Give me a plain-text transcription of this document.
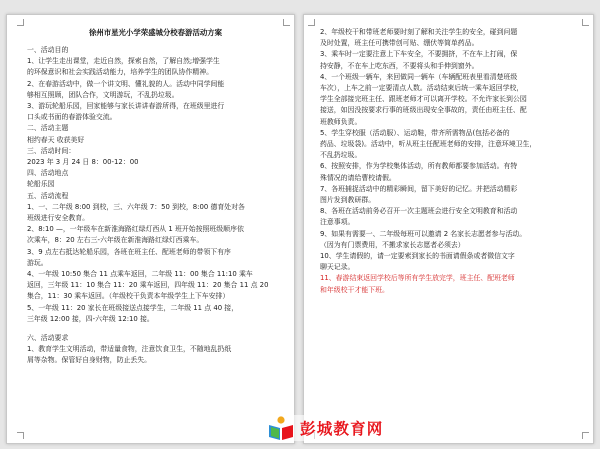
徐州市星光小学荣盛城分校春游活动方案
一、活动目的
1、让学生走出课堂，走近自然，探索自然，了解自然;增强学生
的环保意识和社会实践活动能力，培养学生的团队协作精神。
2、在春游活动中，做一个讲文明、懂礼貌的人。活动中同学间能
够相互照顾，团队合作，文明游玩，不乱扔垃圾。
3、游玩轮船乐园，回家能够与家长讲讲春游所得，在班级里进行
口头或书面的春游体验交流。
二、活动主题
相约春天 收获美好
三、活动时间：
2023 年 3 月 24 日 8：00-12：00
四、活动地点
轮船乐园
五、活动流程
1、一、二年级 8:00 到校，三、六年级 7：50 到校，8:00 德育处对各
班级进行安全教育。
2、8:10 —，一年级车在新淮海路红绿灯西从 1 班开始按照班级顺序依
次乘车，8：20 左右三-六年级在新淮海路红绿灯西乘车。
3、9 点左右抵达轮船乐园，各班在班主任、配班老师的带领下有序
游玩。
4、一年级 10:50 集合 11 点乘车返回，二年级 11：00 集合 11:10 乘车
返回，三年级 11：10 集合 11：20 乘车返回，四年级 11：20 集合 11 点 20
集合，11：30 乘车返回。（年级校干负责本年级学生上下车安排）
5、一年级 11：20 家长在班级接送点接学生，二年级 11 点 40 接，
三年级 12:00 接，四-六年级 12:10 接。
六、活动要求
1、教育学生文明活动，带适量食物，注意饮食卫生，不随地乱扔纸
屑等杂物。保管好自身财物，防止丢失。
2、年级校干和带班老师要时刻了解和关注学生的安全，碰到问题
及时处置，班主任可携带创可贴、绷伏等简单药品。
3、乘车时一定要注意上下车安全，不要拥挤，不在车上打闹，保
持安静，不在车上吃东西，不要将头和手伸到窗外。
4、一个班级一辆车，来回做同一辆车（车辆配班表里看清楚班级
车次），上车之前一定要清点人数。活动结束后统一乘车返回学校，
学生全部接完班主任、跟班老师才可以离开学校。不允许家长到公园
接送，如因没按要求行事的班级出现安全事故的，责任由班主任、配
班教师负责。
5、学生穿校服（活动服）、运动鞋，带齐所需物品(包括必备的
药品、垃圾袋)。活动中，听从班主任配班老师的安排，注意环境卫生，
不乱扔垃圾。
6、按照安排，作为学校集体活动，所有教师都要参加活动。有特
殊情况的请给曹校请假。
7、各班捕捉活动中的精彩瞬间，留下美好的记忆。并把活动精彩
图片发到教研群。
8、各班在活动前务必召开一次主题班会进行安全文明教育和活动
注意事项。
9、如果有需要一、二年级每班可以邀请 2 名家长志愿者参与活动。
（因为有门票费用，不搬求家长志愿者必须去）
10、学生请假的，请一定要索到家长的书面请假条或者微信文字
聊天记录。
11、春游结束返回学校后等所有学生放完学，班主任、配班老师
和年级校干才能下班。
彭城教育网
